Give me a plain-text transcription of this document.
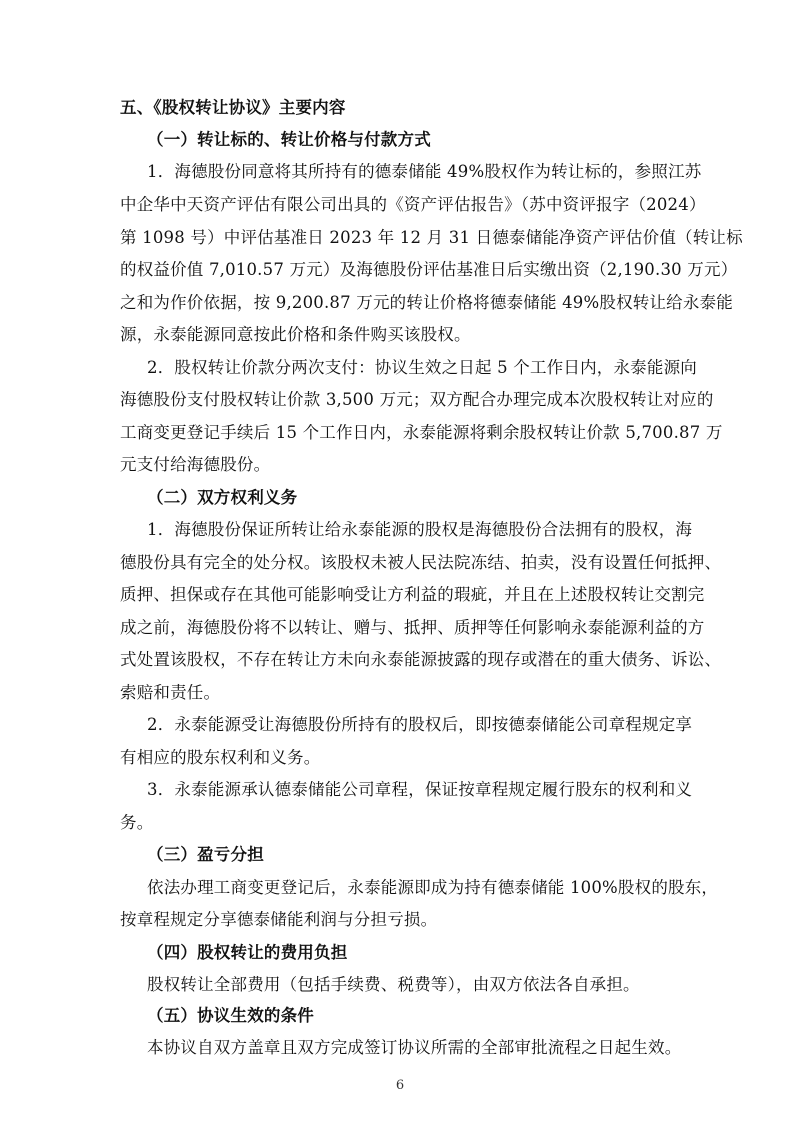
五、《股权转让协议》主要内容
（一）转让标的、转让价格与付款方式
1．海德股份同意将其所持有的德泰储能 49%股权作为转让标的，参照江苏
中企华中天资产评估有限公司出具的《资产评估报告》（苏中资评报字（2024）
第 1098 号）中评估基准日 2023 年 12 月 31 日德泰储能净资产评估价值（转让标
的权益价值 7,010.57 万元）及海德股份评估基准日后实缴出资（2,190.30 万元）
之和为作价依据，按 9,200.87 万元的转让价格将德泰储能 49%股权转让给永泰能
源，永泰能源同意按此价格和条件购买该股权。
2．股权转让价款分两次支付：协议生效之日起 5 个工作日内，永泰能源向
海德股份支付股权转让价款 3,500 万元；双方配合办理完成本次股权转让对应的
工商变更登记手续后 15 个工作日内，永泰能源将剩余股权转让价款 5,700.87 万
元支付给海德股份。
（二）双方权利义务
1．海德股份保证所转让给永泰能源的股权是海德股份合法拥有的股权，海
德股份具有完全的处分权。该股权未被人民法院冻结、拍卖，没有设置任何抵押、
质押、担保或存在其他可能影响受让方利益的瑕疵，并且在上述股权转让交割完
成之前，海德股份将不以转让、赠与、抵押、质押等任何影响永泰能源利益的方
式处置该股权，不存在转让方未向永泰能源披露的现存或潜在的重大债务、诉讼、
索赔和责任。
2．永泰能源受让海德股份所持有的股权后，即按德泰储能公司章程规定享
有相应的股东权利和义务。
3．永泰能源承认德泰储能公司章程，保证按章程规定履行股东的权利和义
务。
（三）盈亏分担
依法办理工商变更登记后，永泰能源即成为持有德泰储能 100%股权的股东，
按章程规定分享德泰储能利润与分担亏损。
（四）股权转让的费用负担
股权转让全部费用（包括手续费、税费等），由双方依法各自承担。
（五）协议生效的条件
本协议自双方盖章且双方完成签订协议所需的全部审批流程之日起生效。
6
